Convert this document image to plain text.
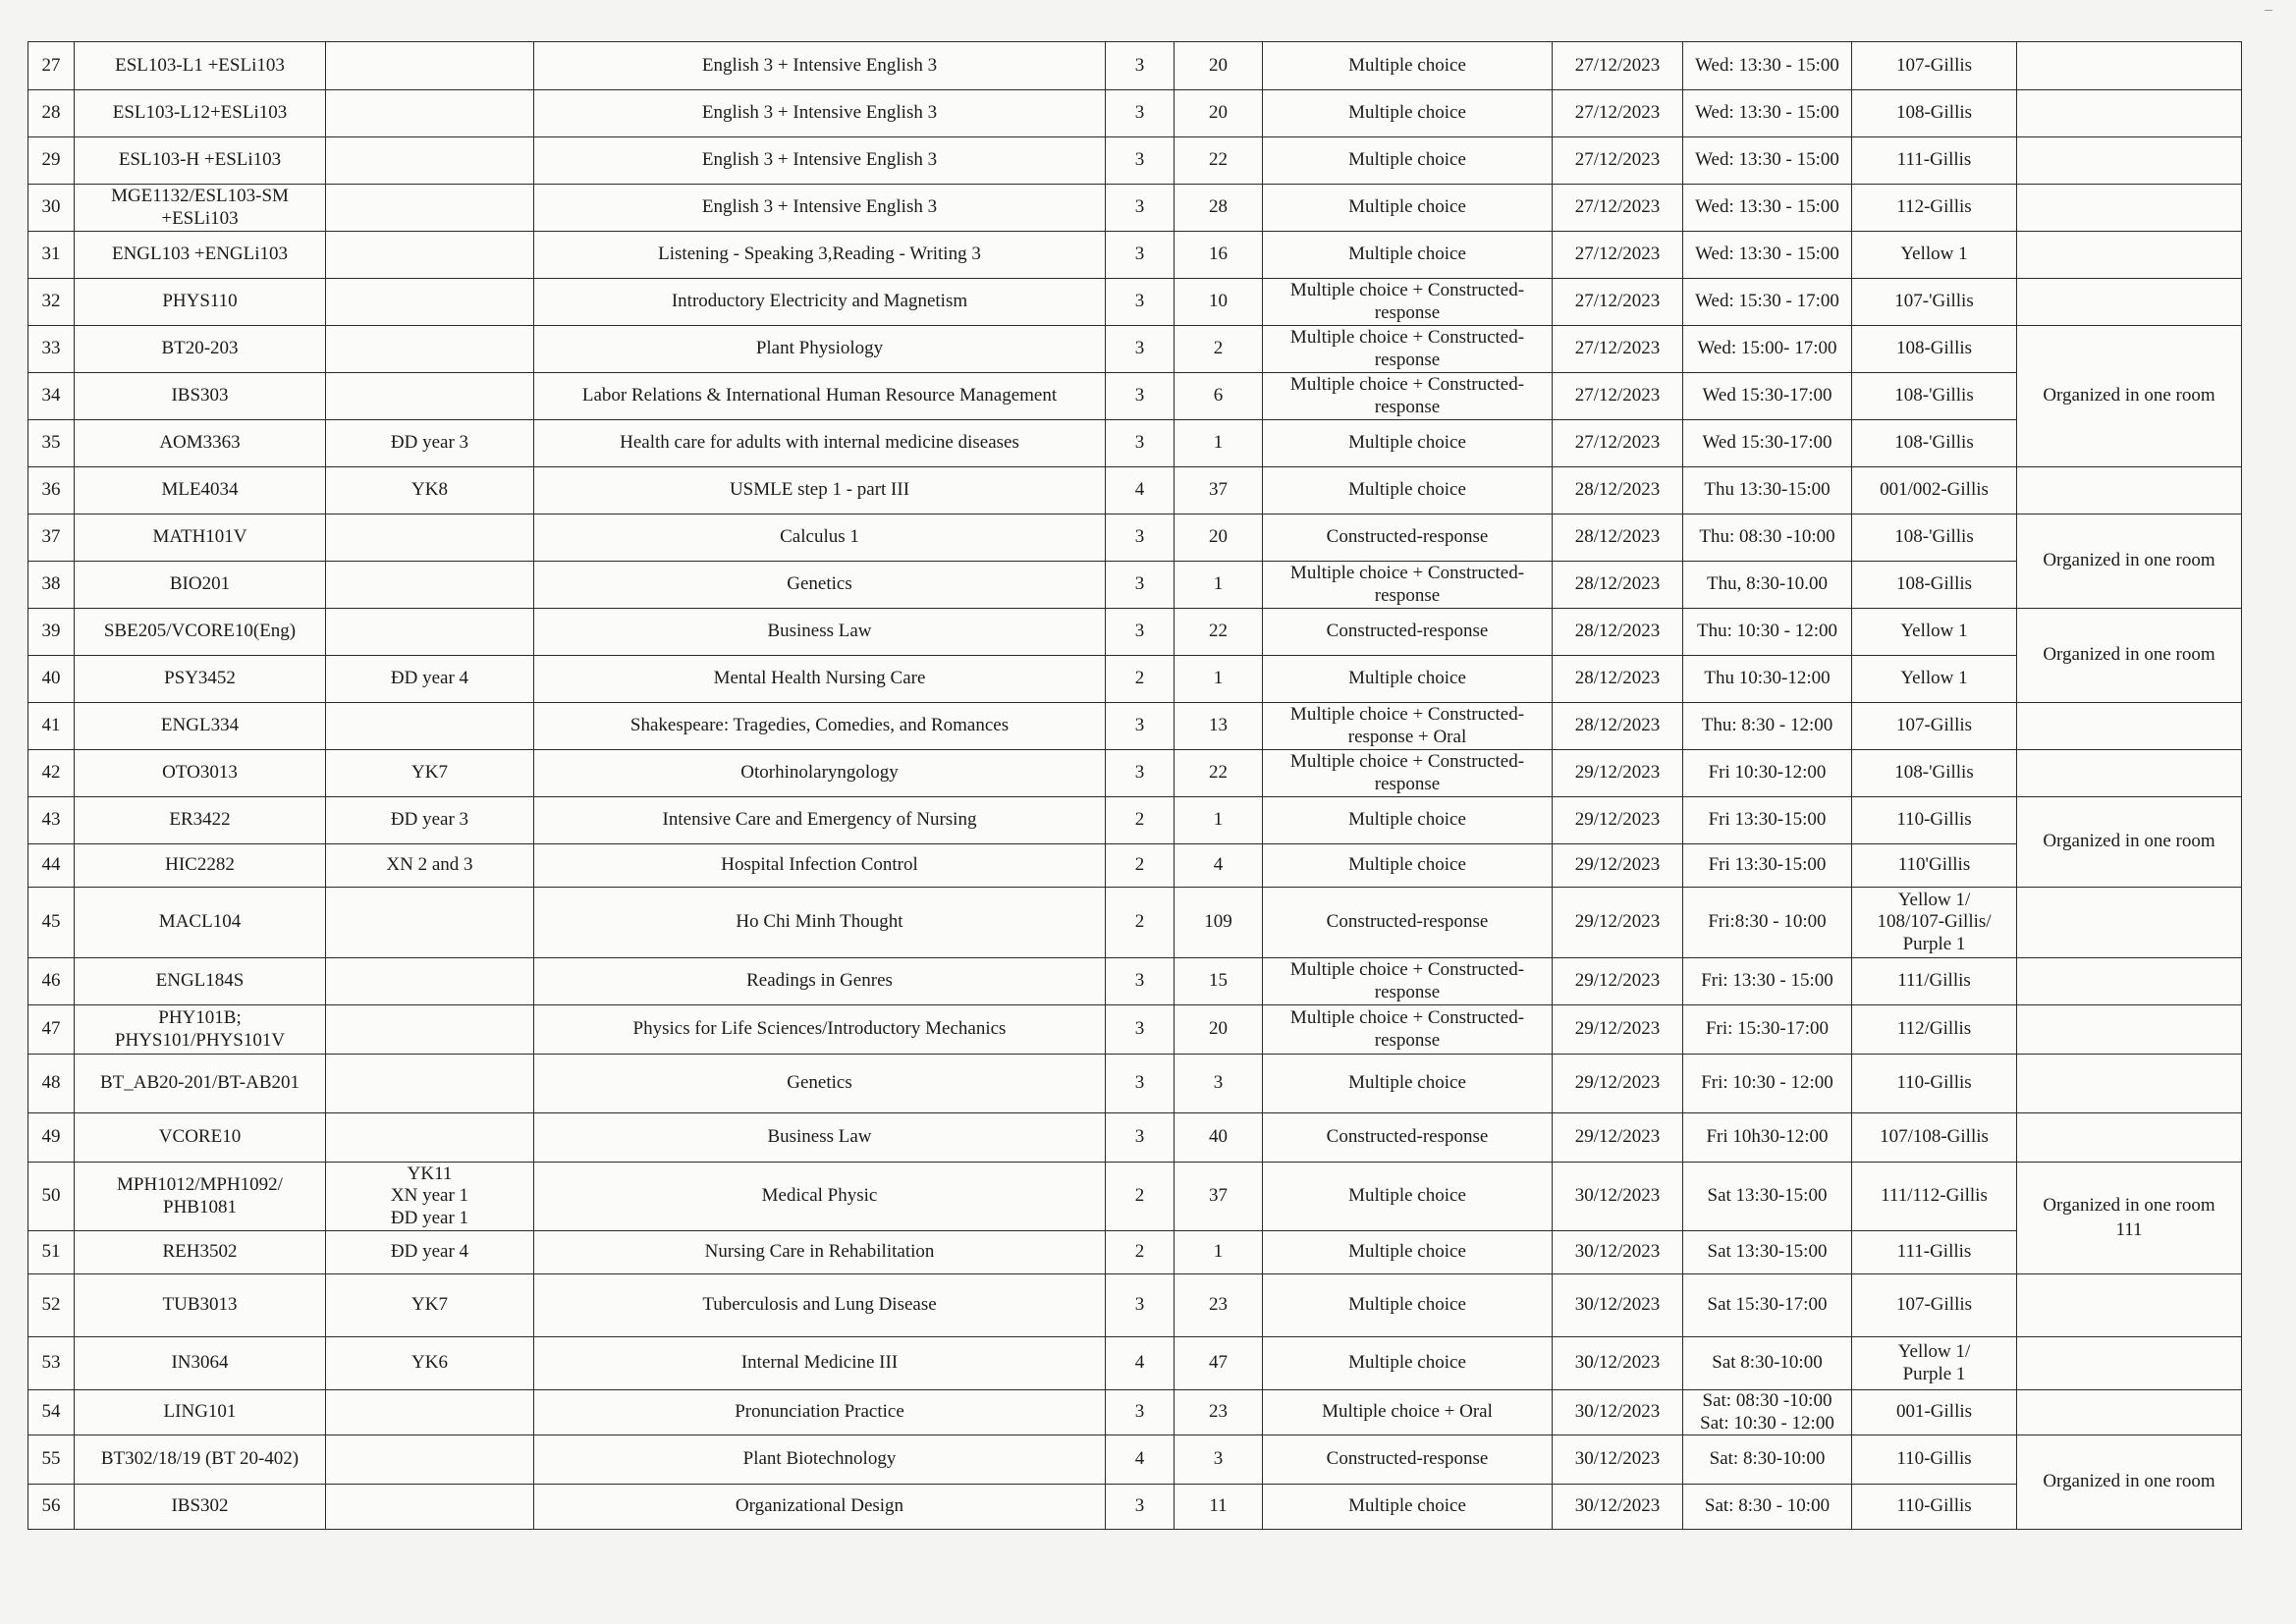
27	ESL103-L1 +ESLi103		English 3 + Intensive English 3	3	20	Multiple choice	27/12/2023	Wed: 13:30 - 15:00	107-Gillis	
28	ESL103-L12+ESLi103		English 3 + Intensive English 3	3	20	Multiple choice	27/12/2023	Wed: 13:30 - 15:00	108-Gillis	
29	ESL103-H +ESLi103		English 3 + Intensive English 3	3	22	Multiple choice	27/12/2023	Wed: 13:30 - 15:00	111-Gillis	
30	MGE1132/ESL103-SM
+ESLi103		English 3 + Intensive English 3	3	28	Multiple choice	27/12/2023	Wed: 13:30 - 15:00	112-Gillis	
31	ENGL103 +ENGLi103		Listening - Speaking 3,Reading - Writing 3	3	16	Multiple choice	27/12/2023	Wed: 13:30 - 15:00	Yellow 1	
32	PHYS110		Introductory Electricity and Magnetism	3	10	Multiple choice + Constructed-
response	27/12/2023	Wed: 15:30 - 17:00	107-'Gillis	
33	BT20-203		Plant Physiology	3	2	Multiple choice + Constructed-
response	27/12/2023	Wed: 15:00- 17:00	108-Gillis	Organized in one room
34	IBS303		Labor Relations & International Human Resource Management	3	6	Multiple choice + Constructed-
response	27/12/2023	Wed 15:30-17:00	108-'Gillis	
35	AOM3363	ĐD year 3	Health care for adults with internal medicine diseases	3	1	Multiple choice	27/12/2023	Wed 15:30-17:00	108-'Gillis	
36	MLE4034	YK8	USMLE step 1 - part III	4	37	Multiple choice	28/12/2023	Thu 13:30-15:00	001/002-Gillis	
37	MATH101V		Calculus 1	3	20	Constructed-response	28/12/2023	Thu: 08:30 -10:00	108-'Gillis	Organized in one room
38	BIO201		Genetics	3	1	Multiple choice + Constructed-
response	28/12/2023	Thu, 8:30-10.00	108-Gillis	
39	SBE205/VCORE10(Eng)		Business Law	3	22	Constructed-response	28/12/2023	Thu: 10:30 - 12:00	Yellow 1	Organized in one room
40	PSY3452	ĐD year 4	Mental Health Nursing Care	2	1	Multiple choice	28/12/2023	Thu 10:30-12:00	Yellow 1	
41	ENGL334		Shakespeare: Tragedies, Comedies, and Romances	3	13	Multiple choice + Constructed-
response + Oral	28/12/2023	Thu: 8:30 - 12:00	107-Gillis	
42	OTO3013	YK7	Otorhinolaryngology	3	22	Multiple choice + Constructed-
response	29/12/2023	Fri 10:30-12:00	108-'Gillis	
43	ER3422	ĐD year 3	Intensive Care and Emergency of Nursing	2	1	Multiple choice	29/12/2023	Fri 13:30-15:00	110-Gillis	Organized in one room
44	HIC2282	XN 2 and 3	Hospital Infection Control	2	4	Multiple choice	29/12/2023	Fri 13:30-15:00	110'Gillis	
45	MACL104		Ho Chi Minh Thought	2	109	Constructed-response	29/12/2023	Fri:8:30 - 10:00	Yellow 1/
108/107-Gillis/
Purple 1	
46	ENGL184S		Readings in Genres	3	15	Multiple choice + Constructed-
response	29/12/2023	Fri: 13:30 - 15:00	111/Gillis	
47	PHY101B;
PHYS101/PHYS101V		Physics for Life Sciences/Introductory Mechanics	3	20	Multiple choice + Constructed-
response	29/12/2023	Fri: 15:30-17:00	112/Gillis	
48	BT_AB20-201/BT-AB201		Genetics	3	3	Multiple choice	29/12/2023	Fri: 10:30 - 12:00	110-Gillis	
49	VCORE10		Business Law	3	40	Constructed-response	29/12/2023	Fri 10h30-12:00	107/108-Gillis	
50	MPH1012/MPH1092/
PHB1081	YK11
XN year 1
ĐD year 1	Medical Physic	2	37	Multiple choice	30/12/2023	Sat 13:30-15:00	111/112-Gillis	Organized in one room
111
51	REH3502	ĐD year 4	Nursing Care in Rehabilitation	2	1	Multiple choice	30/12/2023	Sat 13:30-15:00	111-Gillis	
52	TUB3013	YK7	Tuberculosis and Lung Disease	3	23	Multiple choice	30/12/2023	Sat 15:30-17:00	107-Gillis	
53	IN3064	YK6	Internal Medicine III	4	47	Multiple choice	30/12/2023	Sat 8:30-10:00	Yellow 1/
Purple 1	
54	LING101		Pronunciation Practice	3	23	Multiple choice + Oral	30/12/2023	Sat: 08:30 -10:00
Sat: 10:30 - 12:00	001-Gillis	
55	BT302/18/19 (BT 20-402)		Plant Biotechnology	4	3	Constructed-response	30/12/2023	Sat: 8:30-10:00	110-Gillis	Organized in one room
56	IBS302		Organizational Design	3	11	Multiple choice	30/12/2023	Sat: 8:30 - 10:00	110-Gillis	
